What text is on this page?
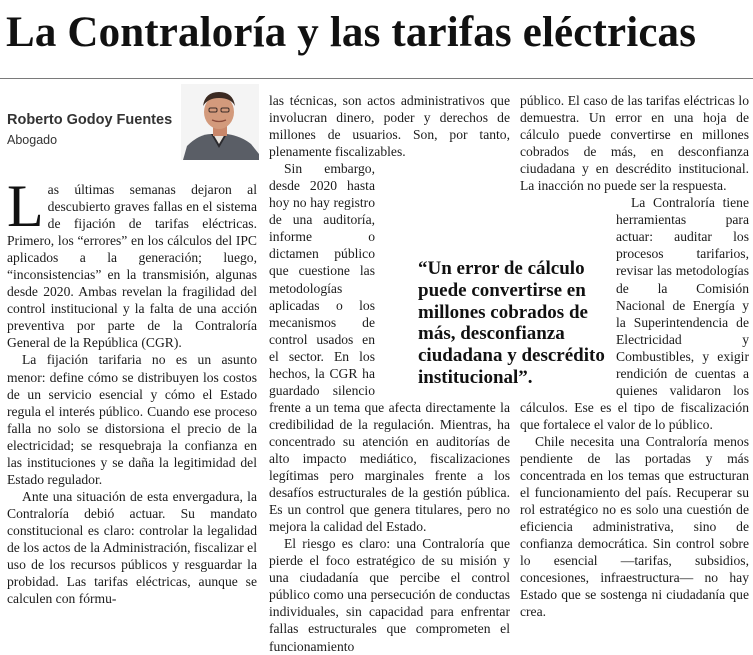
La Contraloría y las tarifas eléctricas
Roberto Godoy Fuentes
Abogado

Las últimas semanas dejaron al descubierto graves fallas en el sistema de fijación de tarifas eléctricas. Primero, los “errores” en los cálculos del IPC aplicados a la generación; luego, “inconsistencias” en la transmisión, algunas desde 2020. Ambas revelan la fragilidad del control institucional y la falta de una acción preventiva por parte de la Contraloría General de la República (CGR).

La fijación tarifaria no es un asunto menor: define cómo se distribuyen los costos de un servicio esencial y cómo el Estado regula el interés público. Cuando ese proceso falla no solo se distorsiona el precio de la electricidad; se resquebraja la confianza en las instituciones y se daña la legitimidad del Estado regulador.

Ante una situación de esta envergadura, la Contraloría debió actuar. Su mandato constitucional es claro: controlar la legalidad de los actos de la Administración, fiscalizar el uso de los recursos públicos y resguardar la probidad. Las tarifas eléctricas, aunque se calculen con fórmu-

las técnicas, son actos administrativos que involucran dinero, poder y derechos de millones de usuarios. Son, por tanto, plenamente fiscalizables.

Sin embargo, desde 2020 hasta hoy no hay registro de una auditoría, informe o dictamen público que cuestione las metodologías aplicadas o los mecanismos de control usados en el sector. En los hechos, la CGR ha guardado silencio frente a un tema que afecta directamente la credibilidad de la regulación. Mientras, ha concentrado su atención en auditorías de alto impacto mediático, fiscalizaciones legítimas pero marginales frente a los desafíos estructurales de la gestión pública. Es un control que genera titulares, pero no mejora la calidad del Estado.

El riesgo es claro: una Contraloría que pierde el foco estratégico de su misión y una ciudadanía que percibe el control público como una persecución de conductas individuales, sin capacidad para enfrentar fallas estructurales que comprometen el funcionamiento

público. El caso de las tarifas eléctricas lo demuestra. Un error en una hoja de cálculo puede convertirse en millones cobrados de más, en desconfianza ciudadana y en descrédito institucional. La inacción no puede ser la respuesta.

La Contraloría tiene herramientas para actuar: auditar los procesos tarifarios, revisar las metodologías de la Comisión Nacional de Energía y la Superintendencia de Electricidad y Combustibles, y exigir rendición de cuentas a quienes validaron los cálculos. Ese es el tipo de fiscalización que fortalece el valor de lo público.

Chile necesita una Contraloría menos pendiente de las portadas y más concentrada en los temas que estructuran el funcionamiento del país. Recuperar su rol estratégico no es solo una cuestión de eficiencia administrativa, sino de confianza democrática. Sin control sobre lo esencial —tarifas, subsidios, concesiones, infraestructura— no hay Estado que se sostenga ni ciudadanía que crea.

“Un error de cálculo puede convertirse en millones cobrados de más, desconfianza ciudadana y descrédito institucional”.
